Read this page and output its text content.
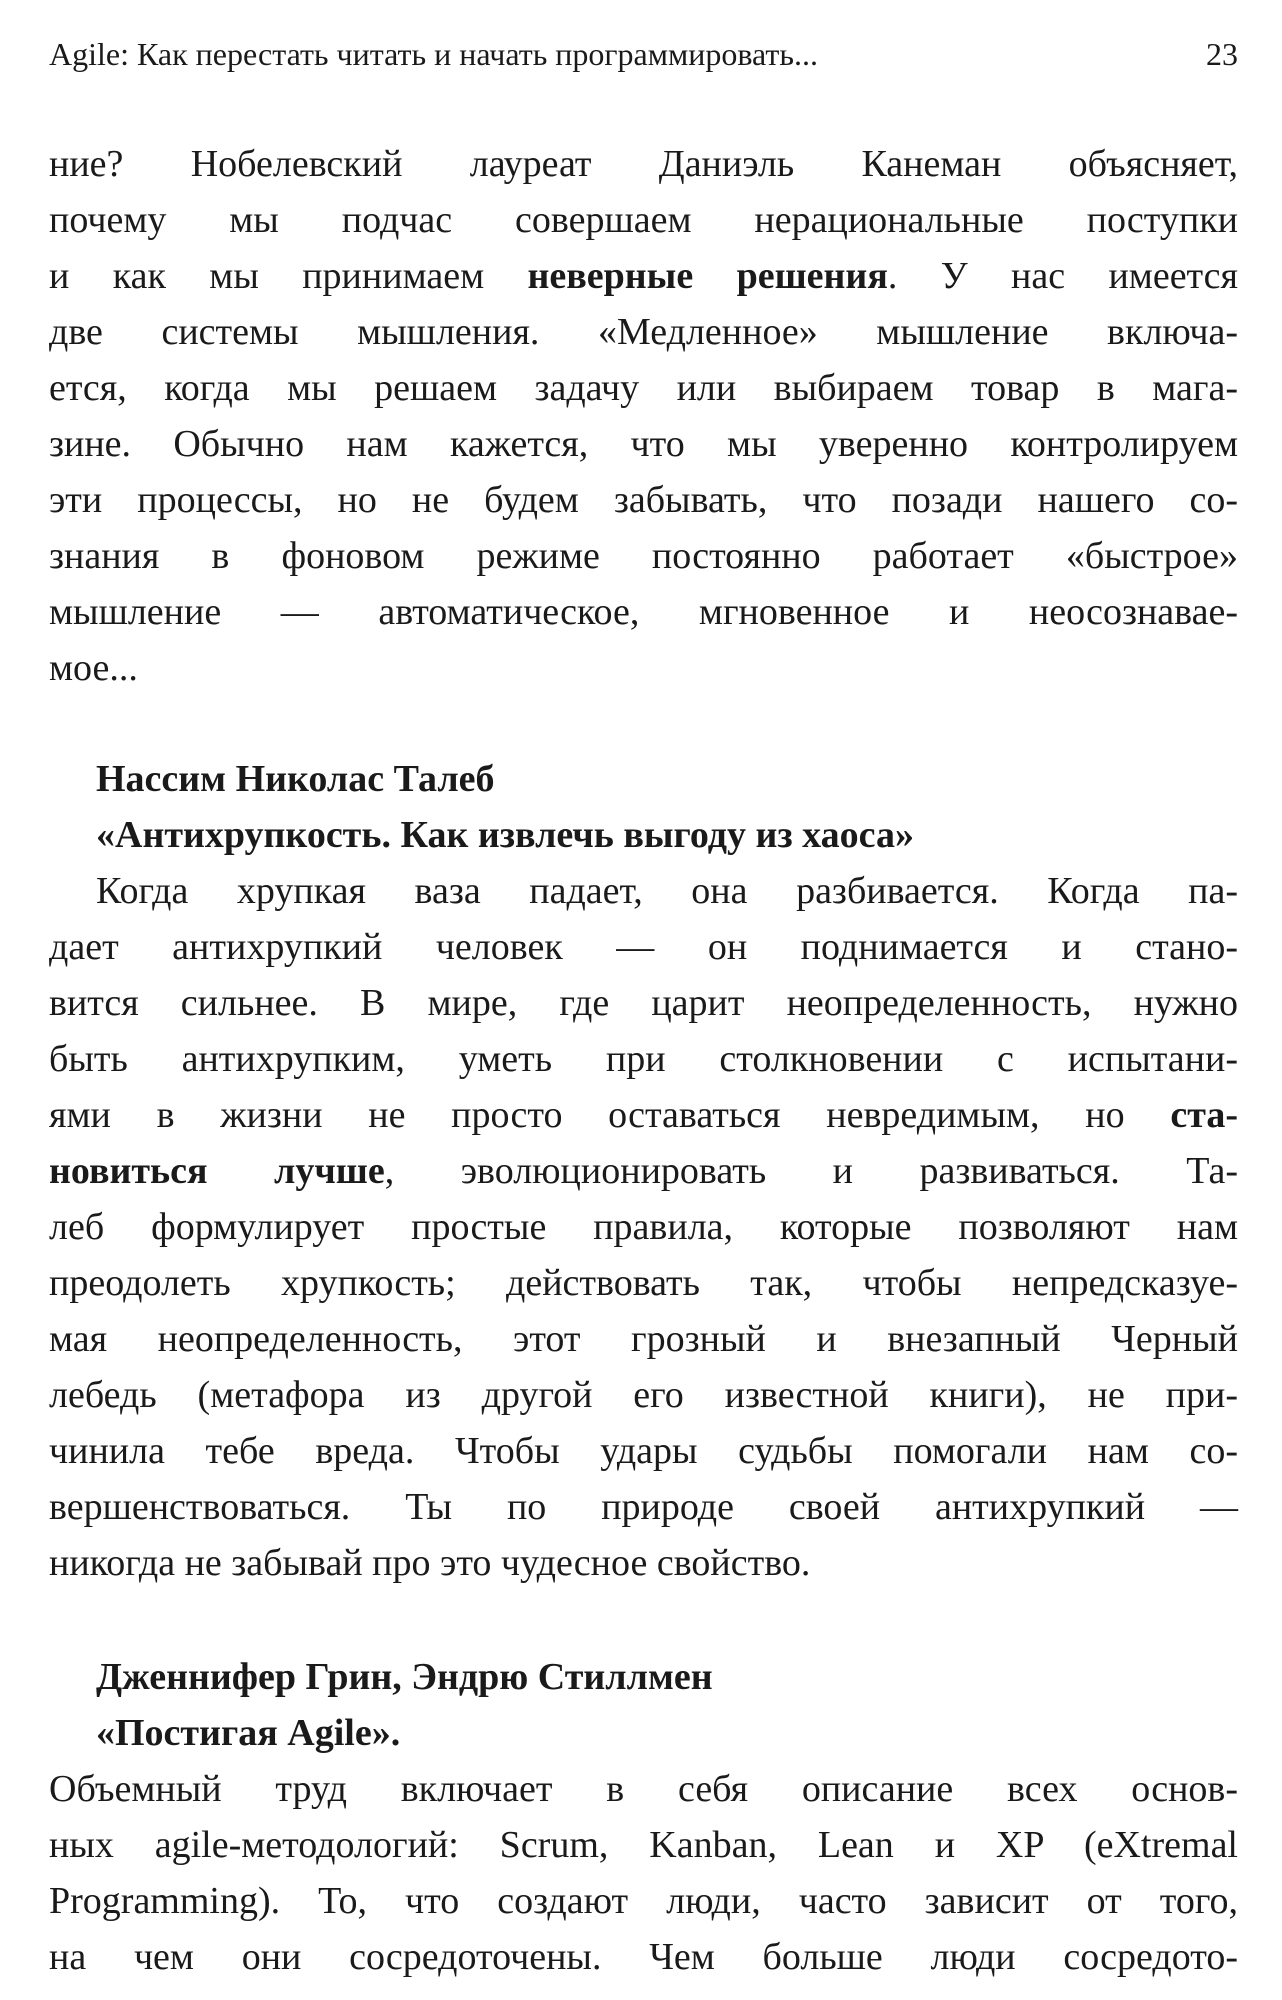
Agile: Как перестать читать и начать программировать...	23
ние? Нобелевский лауреат Даниэль Канеман объясняет,
почему мы подчас совершаем нерациональные поступки
и как мы принимаем неверные решения. У нас имеется
две системы мышления. «Медленное» мышление включа-
ется, когда мы решаем задачу или выбираем товар в мага-
зине. Обычно нам кажется, что мы уверенно контролируем
эти процессы, но не будем забывать, что позади нашего со-
знания в фоновом режиме постоянно работает «быстрое»
мышление — автоматическое, мгновенное и неосознавае-
мое...
Нассим Николас Талеб
«Антихрупкость. Как извлечь выгоду из хаоса»
Когда хрупкая ваза падает, она разбивается. Когда па-
дает антихрупкий человек — он поднимается и стано-
вится сильнее. В мире, где царит неопределенность, нужно
быть антихрупким, уметь при столкновении с испытани-
ями в жизни не просто оставаться невредимым, но ста-
новиться лучше, эволюционировать и развиваться. Та-
леб формулирует простые правила, которые позволяют нам
преодолеть хрупкость; действовать так, чтобы непредсказуе-
мая неопределенность, этот грозный и внезапный Черный
лебедь (метафора из другой его известной книги), не при-
чинила тебе вреда. Чтобы удары судьбы помогали нам со-
вершенствоваться. Ты по природе своей антихрупкий —
никогда не забывай про это чудесное свойство.
Дженнифер Грин, Эндрю Стиллмен
«Постигая Agile».
Объемный труд включает в себя описание всех основ-
ных agile-методологий: Scrum, Kanban, Lean и XP (eXtremal
Programming). То, что создают люди, часто зависит от того,
на чем они сосредоточены. Чем больше люди сосредото-
